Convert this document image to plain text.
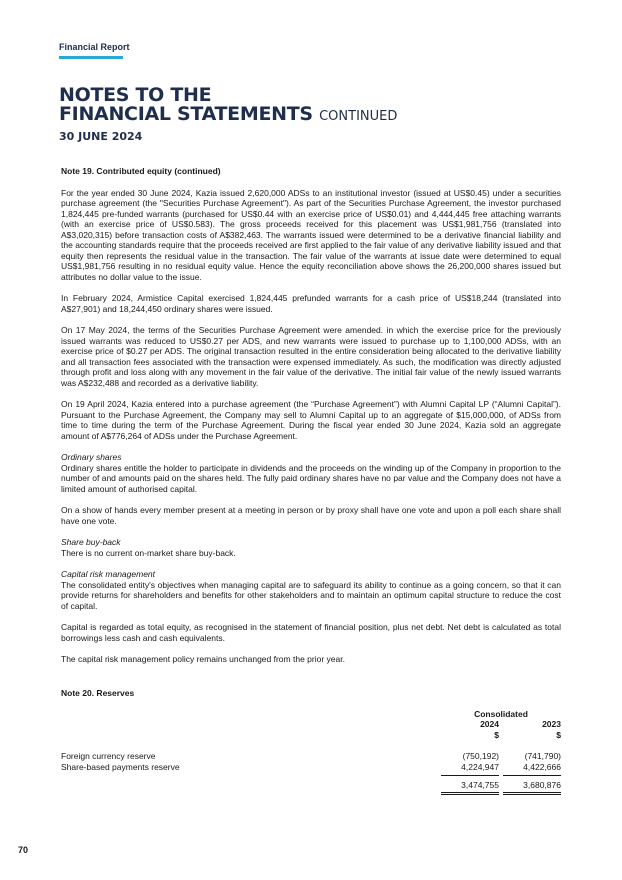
Financial Report
NOTES TO THE
FINANCIAL STATEMENTS CONTINUED
30 JUNE 2024
Note 19. Contributed equity (continued)

For the year ended 30 June 2024, Kazia issued 2,620,000 ADSs to an institutional investor (issued at US$0.45) under a securities purchase agreement (the "Securities Purchase Agreement"). As part of the Securities Purchase Agreement, the investor purchased 1,824,445 pre-funded warrants (purchased for US$0.44 with an exercise price of US$0.01) and 4,444,445 free attaching warrants (with an exercise price of US$0.583). The gross proceeds received for this placement was US$1,981,756 (translated into A$3,020,315) before transaction costs of A$382,463. The warrants issued were determined to be a derivative financial liability and the accounting standards require that the proceeds received are first applied to the fair value of any derivative liability issued and that equity then represents the residual value in the transaction. The fair value of the warrants at issue date were determined to equal US$1,981,756 resulting in no residual equity value. Hence the equity reconciliation above shows the 26,200,000 shares issued but attributes no dollar value to the issue.

In February 2024, Armistice Capital exercised 1,824,445 prefunded warrants for a cash price of US$18,244 (translated into A$27,901) and 18,244,450 ordinary shares were issued.

On 17 May 2024, the terms of the Securities Purchase Agreement were amended. in which the exercise price for the previously issued warrants was reduced to US$0.27 per ADS, and new warrants were issued to purchase up to 1,100,000 ADSs, with an exercise price of $0.27 per ADS. The original transaction resulted in the entire consideration being allocated to the derivative liability and all transaction fees associated with the transaction were expensed immediately. As such, the modification was directly adjusted through profit and loss along with any movement in the fair value of the derivative. The initial fair value of the newly issued warrants was A$232,488 and recorded as a derivative liability.

On 19 April 2024, Kazia entered into a purchase agreement (the “Purchase Agreement”) with Alumni Capital LP (“Alumni Capital”). Pursuant to the Purchase Agreement, the Company may sell to Alumni Capital up to an aggregate of $15,000,000, of ADSs from time to time during the term of the Purchase Agreement. During the fiscal year ended 30 June 2024, Kazia sold an aggregate amount of A$776,264 of ADSs under the Purchase Agreement.

Ordinary shares
Ordinary shares entitle the holder to participate in dividends and the proceeds on the winding up of the Company in proportion to the number of and amounts paid on the shares held. The fully paid ordinary shares have no par value and the Company does not have a limited amount of authorised capital.

On a show of hands every member present at a meeting in person or by proxy shall have one vote and upon a poll each share shall have one vote.

Share buy-back
There is no current on-market share buy-back.
Capital risk management
The consolidated entity's objectives when managing capital are to safeguard its ability to continue as a going concern, so that it can provide returns for shareholders and benefits for other stakeholders and to maintain an optimum capital structure to reduce the cost of capital.

Capital is regarded as total equity, as recognised in the statement of financial position, plus net debt. Net debt is calculated as total borrowings less cash and cash equivalents.

The capital risk management policy remains unchanged from the prior year.

Note 20. Reserves
Consolidated
2024	2023
$	$
Foreign currency reserve	(750,192)	(741,790)
Share-based payments reserve	4,224,947	4,422,666
3,474,755	3,680,876
70
